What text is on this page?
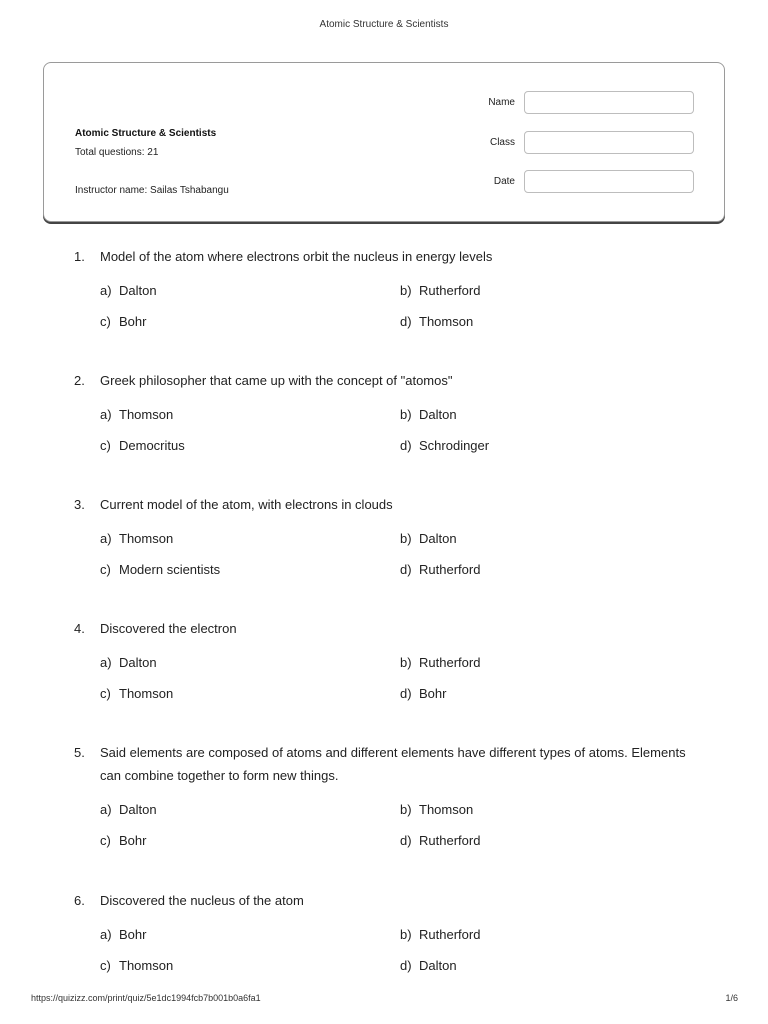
Atomic Structure & Scientists
Atomic Structure & Scientists
Total questions: 21
Instructor name: Sailas Tshabangu
Name
Class
Date
1.	Model of the atom where electrons orbit the nucleus in energy levels
a) Dalton	b) Rutherford
c) Bohr	d) Thomson
2.	Greek philosopher that came up with the concept of "atomos"
a) Thomson	b) Dalton
c) Democritus	d) Schrodinger
3.	Current model of the atom, with electrons in clouds
a) Thomson	b) Dalton
c) Modern scientists	d) Rutherford
4.	Discovered the electron
a) Dalton	b) Rutherford
c) Thomson	d) Bohr
5.	Said elements are composed of atoms and different elements have different types of atoms. Elements can combine together to form new things.
a) Dalton	b) Thomson
c) Bohr	d) Rutherford
6.	Discovered the nucleus of the atom
a) Bohr	b) Rutherford
c) Thomson	d) Dalton
https://quizizz.com/print/quiz/5e1dc1994fcb7b001b0a6fa1	1/6
